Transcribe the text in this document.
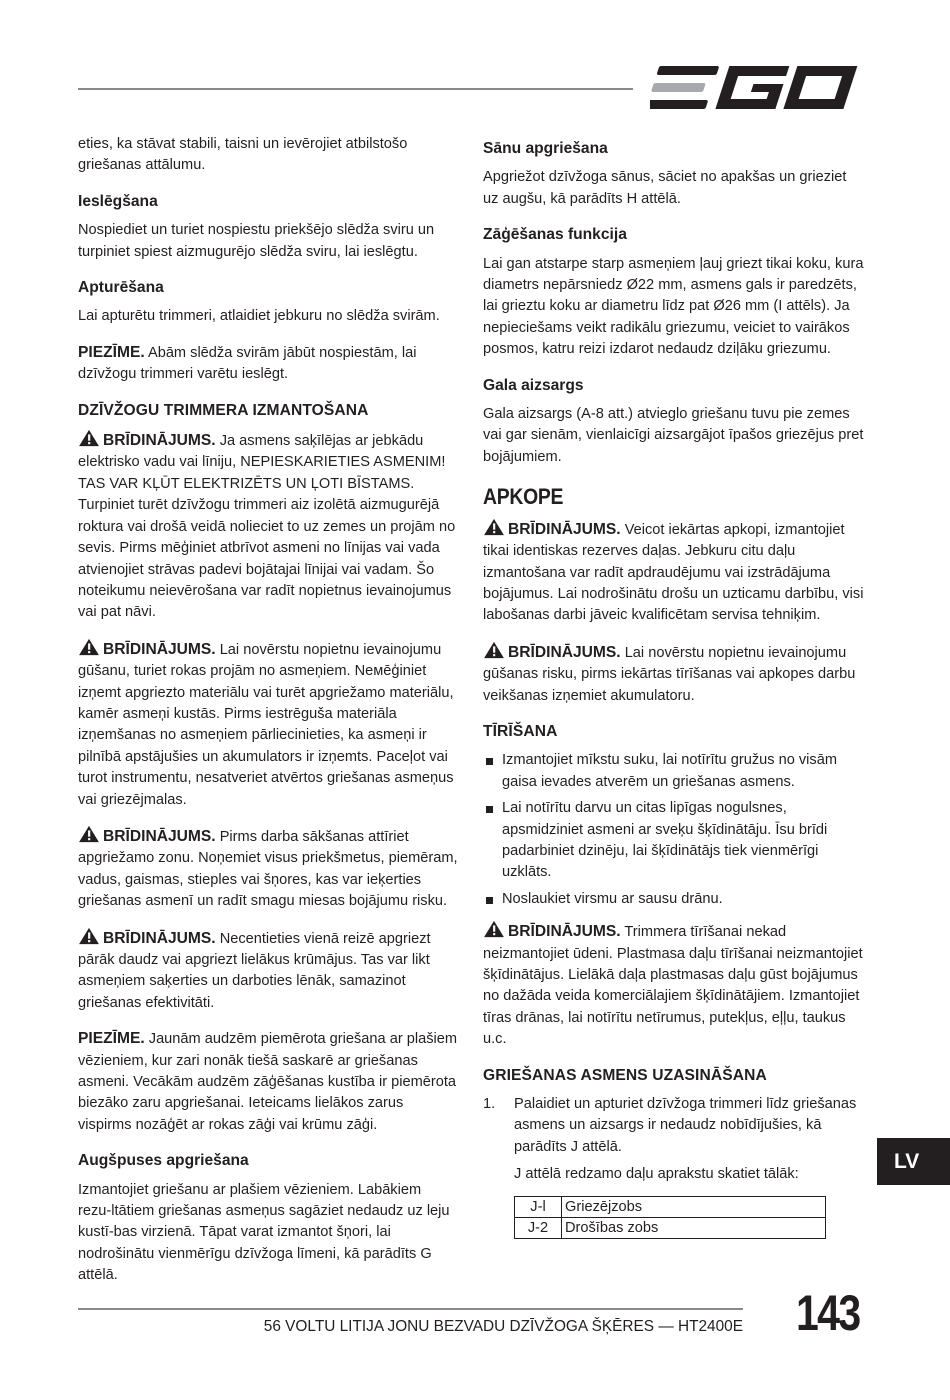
eties, ka stāvat stabili, taisni un ievērojiet atbilstošo griešanas attālumu.

Ieslēgšana

Nospiediet un turiet nospiestu priekšējo slēdža sviru un turpiniet spiest aizmugurējo slēdža sviru, lai ieslēgtu.

Apturēšana

Lai apturētu trimmeri, atlaidiet jebkuru no slēdža svirām.

PIEZĪME. Abām slēdža svirām jābūt nospiestām, lai dzīvžogu trimmeri varētu ieslēgt.

DZĪVŽOGU TRIMMERA IZMANTOŠANA

BRĪDINĀJUMS. Ja asmens saķīlējas ar jebkādu elektrisko vadu vai līniju, NEPIESKARIETIES ASMENIM! TAS VAR KĻŪT ELEKTRIZĒTS UN ĻOTI BĪSTAMS. Turpiniet turēt dzīvžogu trimmeri aiz izolētā aizmugurējā roktura vai drošā veidā nolieciet to uz zemes un projām no sevis. Pirms mēģiniet atbrīvot asmeni no līnijas vai vada atvienojiet strāvas padevi bojātajai līnijai vai vadam. Šo noteikumu neievērošana var radīt nopietnus ievainojumus vai pat nāvi.

BRĪDINĀJUMS. Lai novērstu nopietnu ievainojumu gūšanu, turiet rokas projām no asmeņiem. Neмēģiniet izņemt apgriezto materiālu vai turēt apgriežamo materiālu, kamēr asmeņi kustās. Pirms iestrēguša materiāla izņemšanas no asmeņiem pārliecinieties, ka asmeņi ir pilnībā apstājušies un akumulators ir izņemts. Paceļot vai turot instrumentu, nesatveriet atvērtos griešanas asmeņus vai griezējmalas.

BRĪDINĀJUMS. Pirms darba sākšanas attīriet apgriežamo zonu. Noņemiet visus priekšmetus, piemēram, vadus, gaismas, stieples vai šņores, kas var ieķerties griešanas asmenī un radīt smagu miesas bojājumu risku.

BRĪDINĀJUMS. Necentieties vienā reizē apgriezt pārāk daudz vai apgriezt lielākus krūmājus. Tas var likt asmeņiem saķerties un darboties lēnāk, samazinot griešanas efektivitāti.

PIEZĪME. Jaunām audzēm piemērota griešana ar plašiem vēzieniem, kur zari nonāk tiešā saskarē ar griešanas asmeni. Vecākām audzēm zāģēšanas kustība ir piemērota biezāko zaru apgriešanai. Ieteicams lielākos zarus vispirms nozāģēt ar rokas zāģi vai krūmu zāģi.

Augšpuses apgriešana

Izmantojiet griešanu ar plašiem vēzieniem. Labākiem rezu-ltātiem griešanas asmeņus sagāziet nedaudz uz leju kustī-bas virzienā. Tāpat varat izmantot šņori, lai nodrošinātu vienmērīgu dzīvžoga līmeni, kā parādīts G attēlā.

Sānu apgriešana

Apgriežot dzīvžoga sānus, sāciet no apakšas un grieziet uz augšu, kā parādīts H attēlā.

Zāģēšanas funkcija

Lai gan atstarpe starp asmeņiem ļauj griezt tikai koku, kura diametrs nepārsniedz Ø22 mm, asmens gals ir paredzēts, lai grieztu koku ar diametru līdz pat Ø26 mm (I attēls). Ja nepieciešams veikt radikālu griezumu, veiciet to vairākos posmos, katru reizi izdarot nedaudz dziļāku griezumu.

Gala aizsargs

Gala aizsargs (A-8 att.) atvieglo griešanu tuvu pie zemes vai gar sienām, vienlaicīgi aizsargājot īpašos griezējus pret bojājumiem.

APKOPE

BRĪDINĀJUMS. Veicot iekārtas apkopi, izmantojiet tikai identiskas rezerves daļas. Jebkuru citu daļu izmantošana var radīt apdraudējumu vai izstrādājuma bojājumus. Lai nodrošinātu drošu un uzticamu darbību, visi labošanas darbi jāveic kvalificētam servisa tehniķim.

BRĪDINĀJUMS. Lai novērstu nopietnu ievainojumu gūšanas risku, pirms iekārtas tīrīšanas vai apkopes darbu veikšanas izņemiet akumulatoru.

TĪRĪŠANA
Izmantojiet mīkstu suku, lai notīrītu gružus no visām gaisa ievades atverēm un griešanas asmens.
Lai notīrītu darvu un citas lipīgas nogulsnes, apsmidziniet asmeni ar sveķu šķīdinātāju. Īsu brīdi padarbiniet dzinēju, lai šķīdinātājs tiek vienmērīgi uzklāts.
Noslaukiet virsmu ar sausu drānu.

BRĪDINĀJUMS. Trimmera tīrīšanai nekad neizmantojiet ūdeni. Plastmasa daļu tīrīšanai neizmantojiet šķīdinātājus. Lielākā daļa plastmasas daļu gūst bojājumus no dažāda veida komerciālajiem šķīdinātājiem. Izmantojiet tīras drānas, lai notīrītu netīrumus, putekļus, eļļu, taukus u.c.

GRIEŠANAS ASMENS UZASINĀŠANA
1.	Palaidiet un apturiet dzīvžoga trimmeri līdz griešanas asmens un aizsargs ir nedaudz nobīdījušies, kā parādīts J attēlā.

J attēlā redzamo daļu aprakstu skatiet tālāk:

J-l	Griezējzobs
J-2	Drošības zobs
LV
56 VOLTU LITIJA JONU BEZVADU DZĪVŽOGA ŠĶĒRES — HT2400E 143
